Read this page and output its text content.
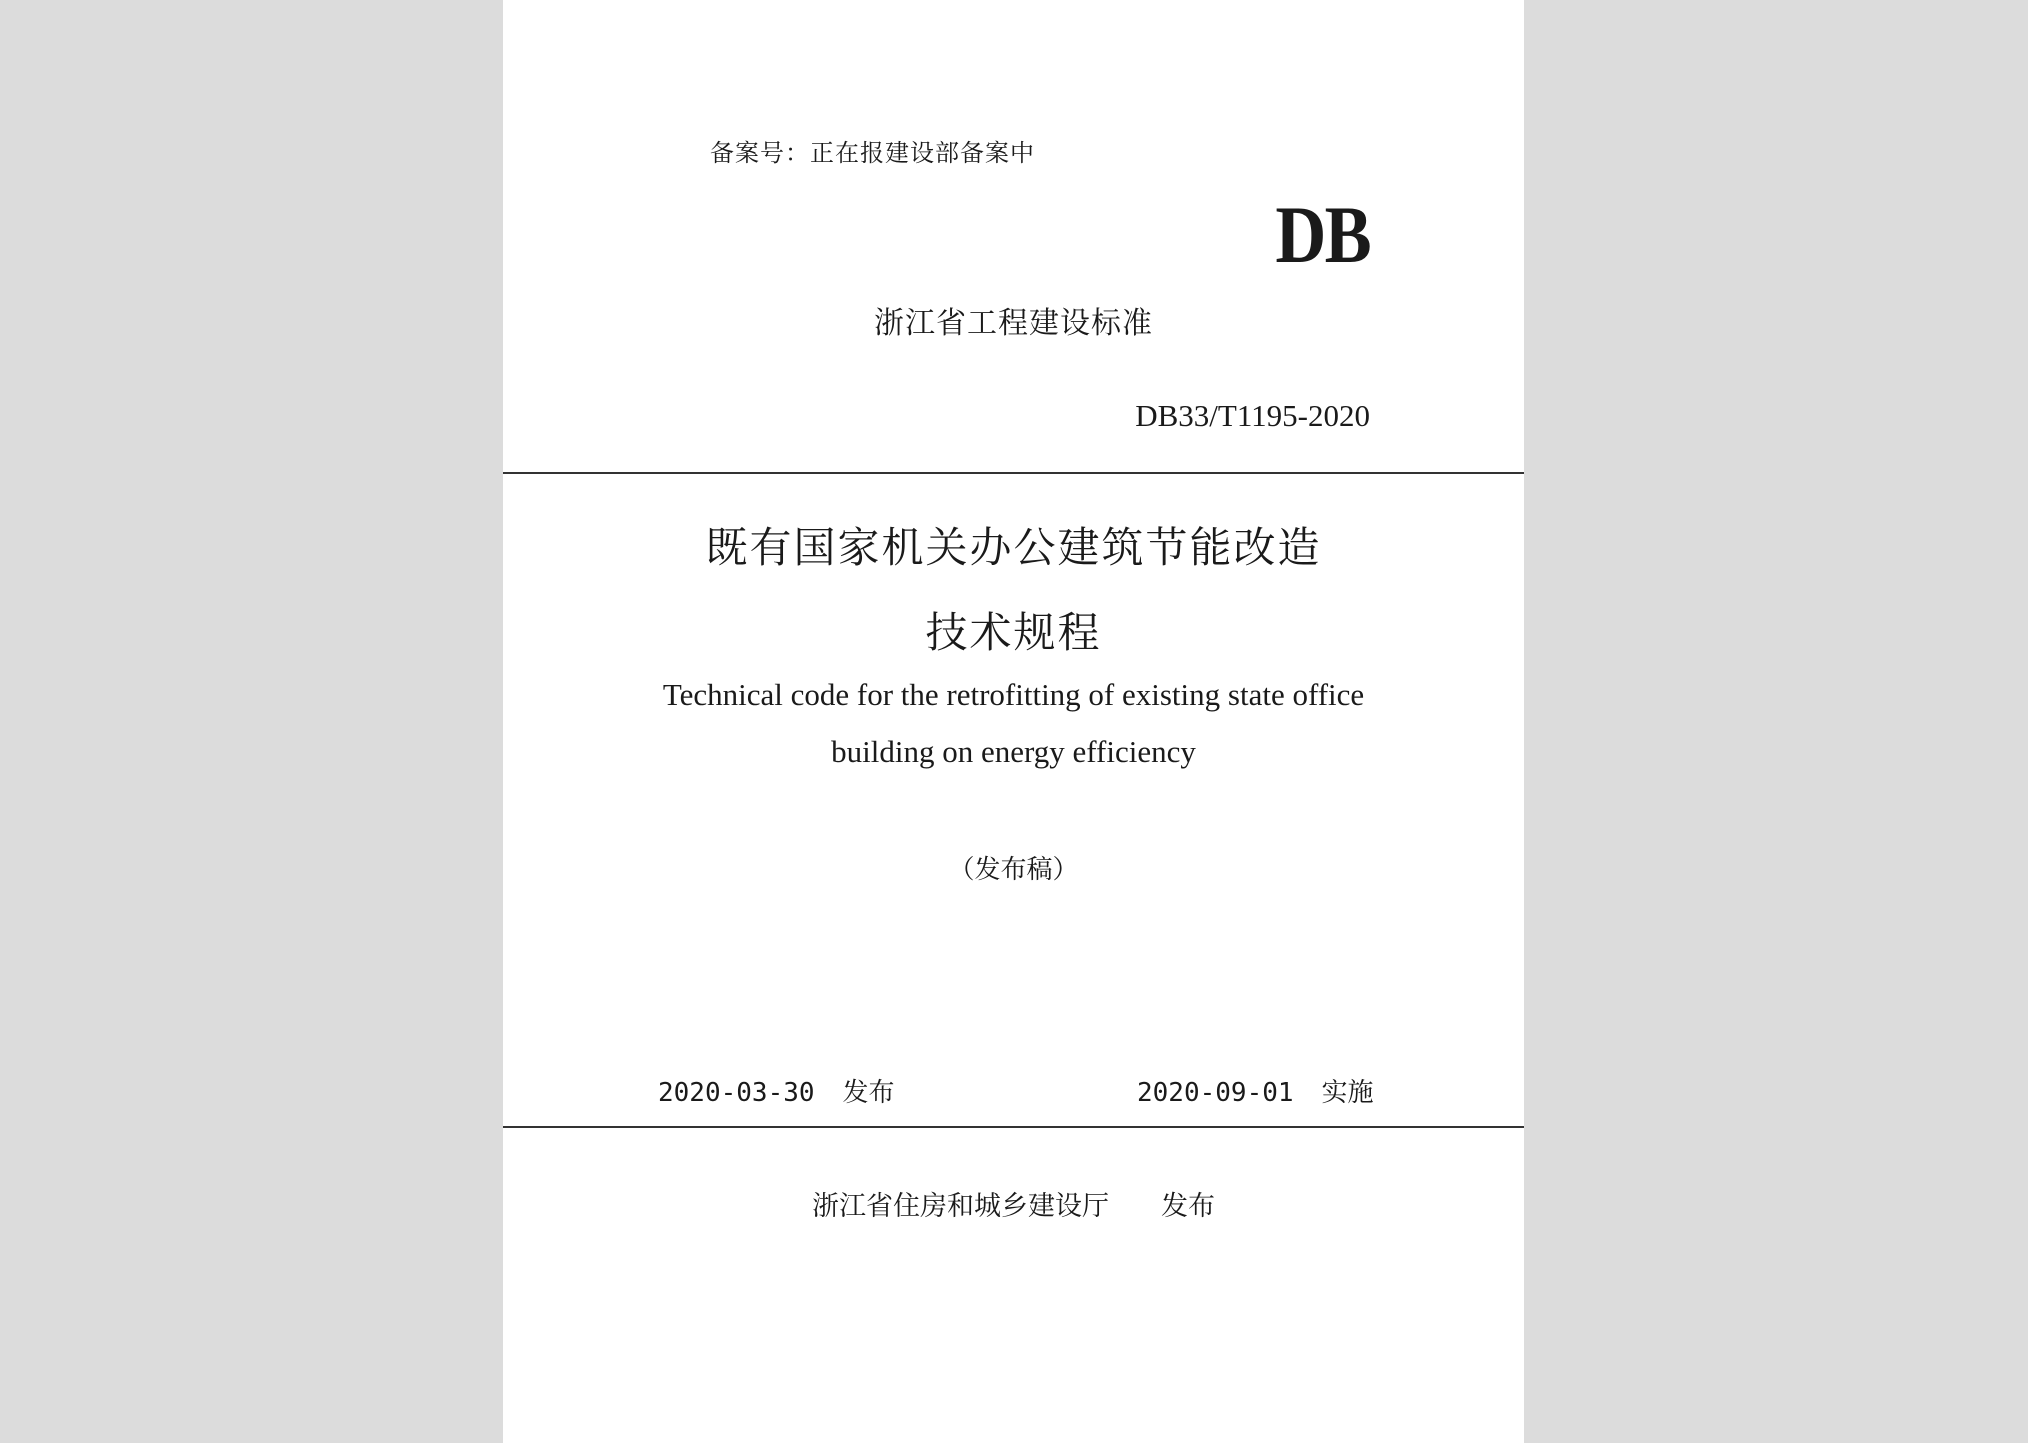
备案号：正在报建设部备案中
DB
浙江省工程建设标准
DB33/T1195-2020
既有国家机关办公建筑节能改造
技术规程
Technical code for the retrofitting of existing state office
building on energy efficiency
（发布稿）
2020-03-30 发布	2020-09-01 实施
浙江省住房和城乡建设厅 发布
